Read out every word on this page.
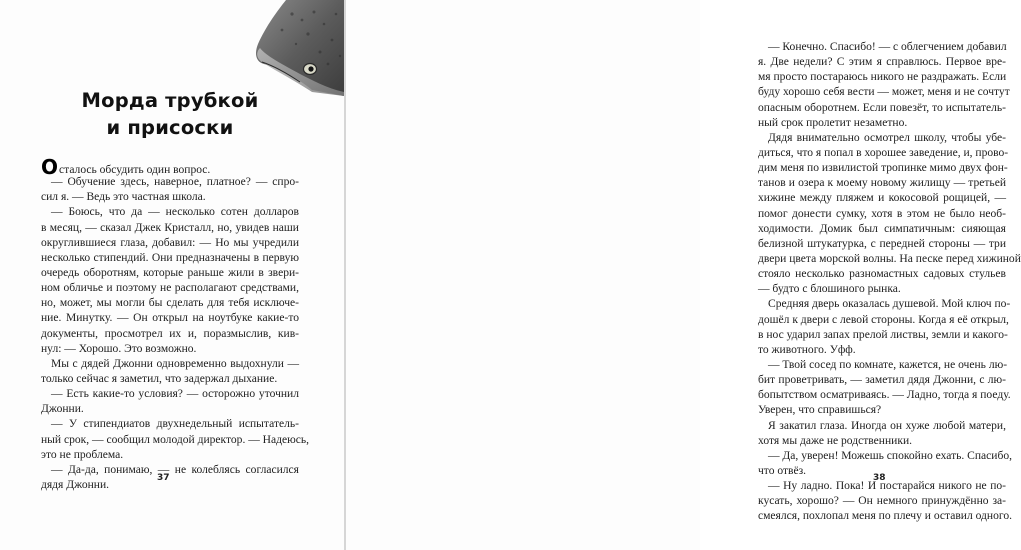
Морда трубкой
и присоски
Осталось обсудить один вопрос.
— Обучение здесь, наверное, платное? — спро-
сил я. — Ведь это частная школа.
— Боюсь, что да — несколько сотен долларов
в месяц, — сказал Джек Кристалл, но, увидев наши
округлившиеся глаза, добавил: — Но мы учредили
несколько стипендий. Они предназначены в первую
очередь оборотням, которые раньше жили в звери-
ном обличье и поэтому не располагают средствами,
но, может, мы могли бы сделать для тебя исключе-
ние. Минутку. — Он открыл на ноутбуке какие-то
документы, просмотрел их и, поразмыслив, кив-
нул: — Хорошо. Это возможно.
Мы с дядей Джонни одновременно выдохнули —
только сейчас я заметил, что задержал дыхание.
— Есть какие-то условия? — осторожно уточнил
Джонни.
— У стипендиатов двухнедельный испытатель-
ный срок, — сообщил молодой директор. — Надеюсь,
это не проблема.
— Да-да, понимаю, — не колеблясь согласился
дядя Джонни.
37
— Конечно. Спасибо! — с облегчением добавил
я. Две недели? С этим я справлюсь. Первое вре-
мя просто постараюсь никого не раздражать. Если
буду хорошо себя вести — может, меня и не сочтут
опасным оборотнем. Если повезёт, то испытатель-
ный срок пролетит незаметно.
Дядя внимательно осмотрел школу, чтобы убе-
диться, что я попал в хорошее заведение, и, прово-
дим меня по извилистой тропинке мимо двух фон-
танов и озера к моему новому жилищу — третьей
хижине между пляжем и кокосовой рощицей, —
помог донести сумку, хотя в этом не было необ-
ходимости. Домик был симпатичным: сияющая
белизной штукатурка, с передней стороны — три
двери цвета морской волны. На песке перед хижиной
стояло несколько разномастных садовых стульев
— будто с блошиного рынка.
Средняя дверь оказалась душевой. Мой ключ по-
дошёл к двери с левой стороны. Когда я её открыл,
в нос ударил запах прелой листвы, земли и какого-
то животного. Уфф.
— Твой сосед по комнате, кажется, не очень лю-
бит проветривать, — заметил дядя Джонни, с лю-
бопытством осматриваясь. — Ладно, тогда я поеду.
Уверен, что справишься?
Я закатил глаза. Иногда он хуже любой матери,
хотя мы даже не родственники.
— Да, уверен! Можешь спокойно ехать. Спасибо,
что отвёз.
— Ну ладно. Пока! И постарайся никого не по-
кусать, хорошо? — Он немного принуждённо за-
смеялся, похлопал меня по плечу и оставил одного.
38
